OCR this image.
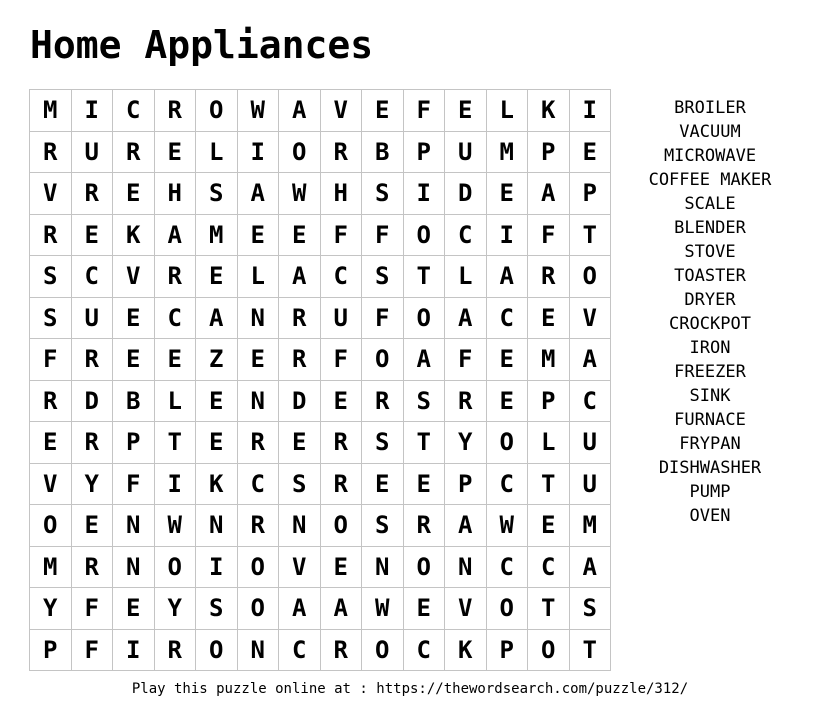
Home Appliances
M	I	C	R	O	W	A	V	E	F	E	L	K	I
R	U	R	E	L	I	O	R	B	P	U	M	P	E
V	R	E	H	S	A	W	H	S	I	D	E	A	P
R	E	K	A	M	E	E	F	F	O	C	I	F	T
S	C	V	R	E	L	A	C	S	T	L	A	R	O
S	U	E	C	A	N	R	U	F	O	A	C	E	V
F	R	E	E	Z	E	R	F	O	A	F	E	M	A
R	D	B	L	E	N	D	E	R	S	R	E	P	C
E	R	P	T	E	R	E	R	S	T	Y	O	L	U
V	Y	F	I	K	C	S	R	E	E	P	C	T	U
O	E	N	W	N	R	N	O	S	R	A	W	E	M
M	R	N	O	I	O	V	E	N	O	N	C	C	A
Y	F	E	Y	S	O	A	A	W	E	V	O	T	S
P	F	I	R	O	N	C	R	O	C	K	P	O	T
BROILER
VACUUM
MICROWAVE
COFFEE MAKER
SCALE
BLENDER
STOVE
TOASTER
DRYER
CROCKPOT
IRON
FREEZER
SINK
FURNACE
FRYPAN
DISHWASHER
PUMP
OVEN
Play this puzzle online at : https://thewordsearch.com/puzzle/312/
